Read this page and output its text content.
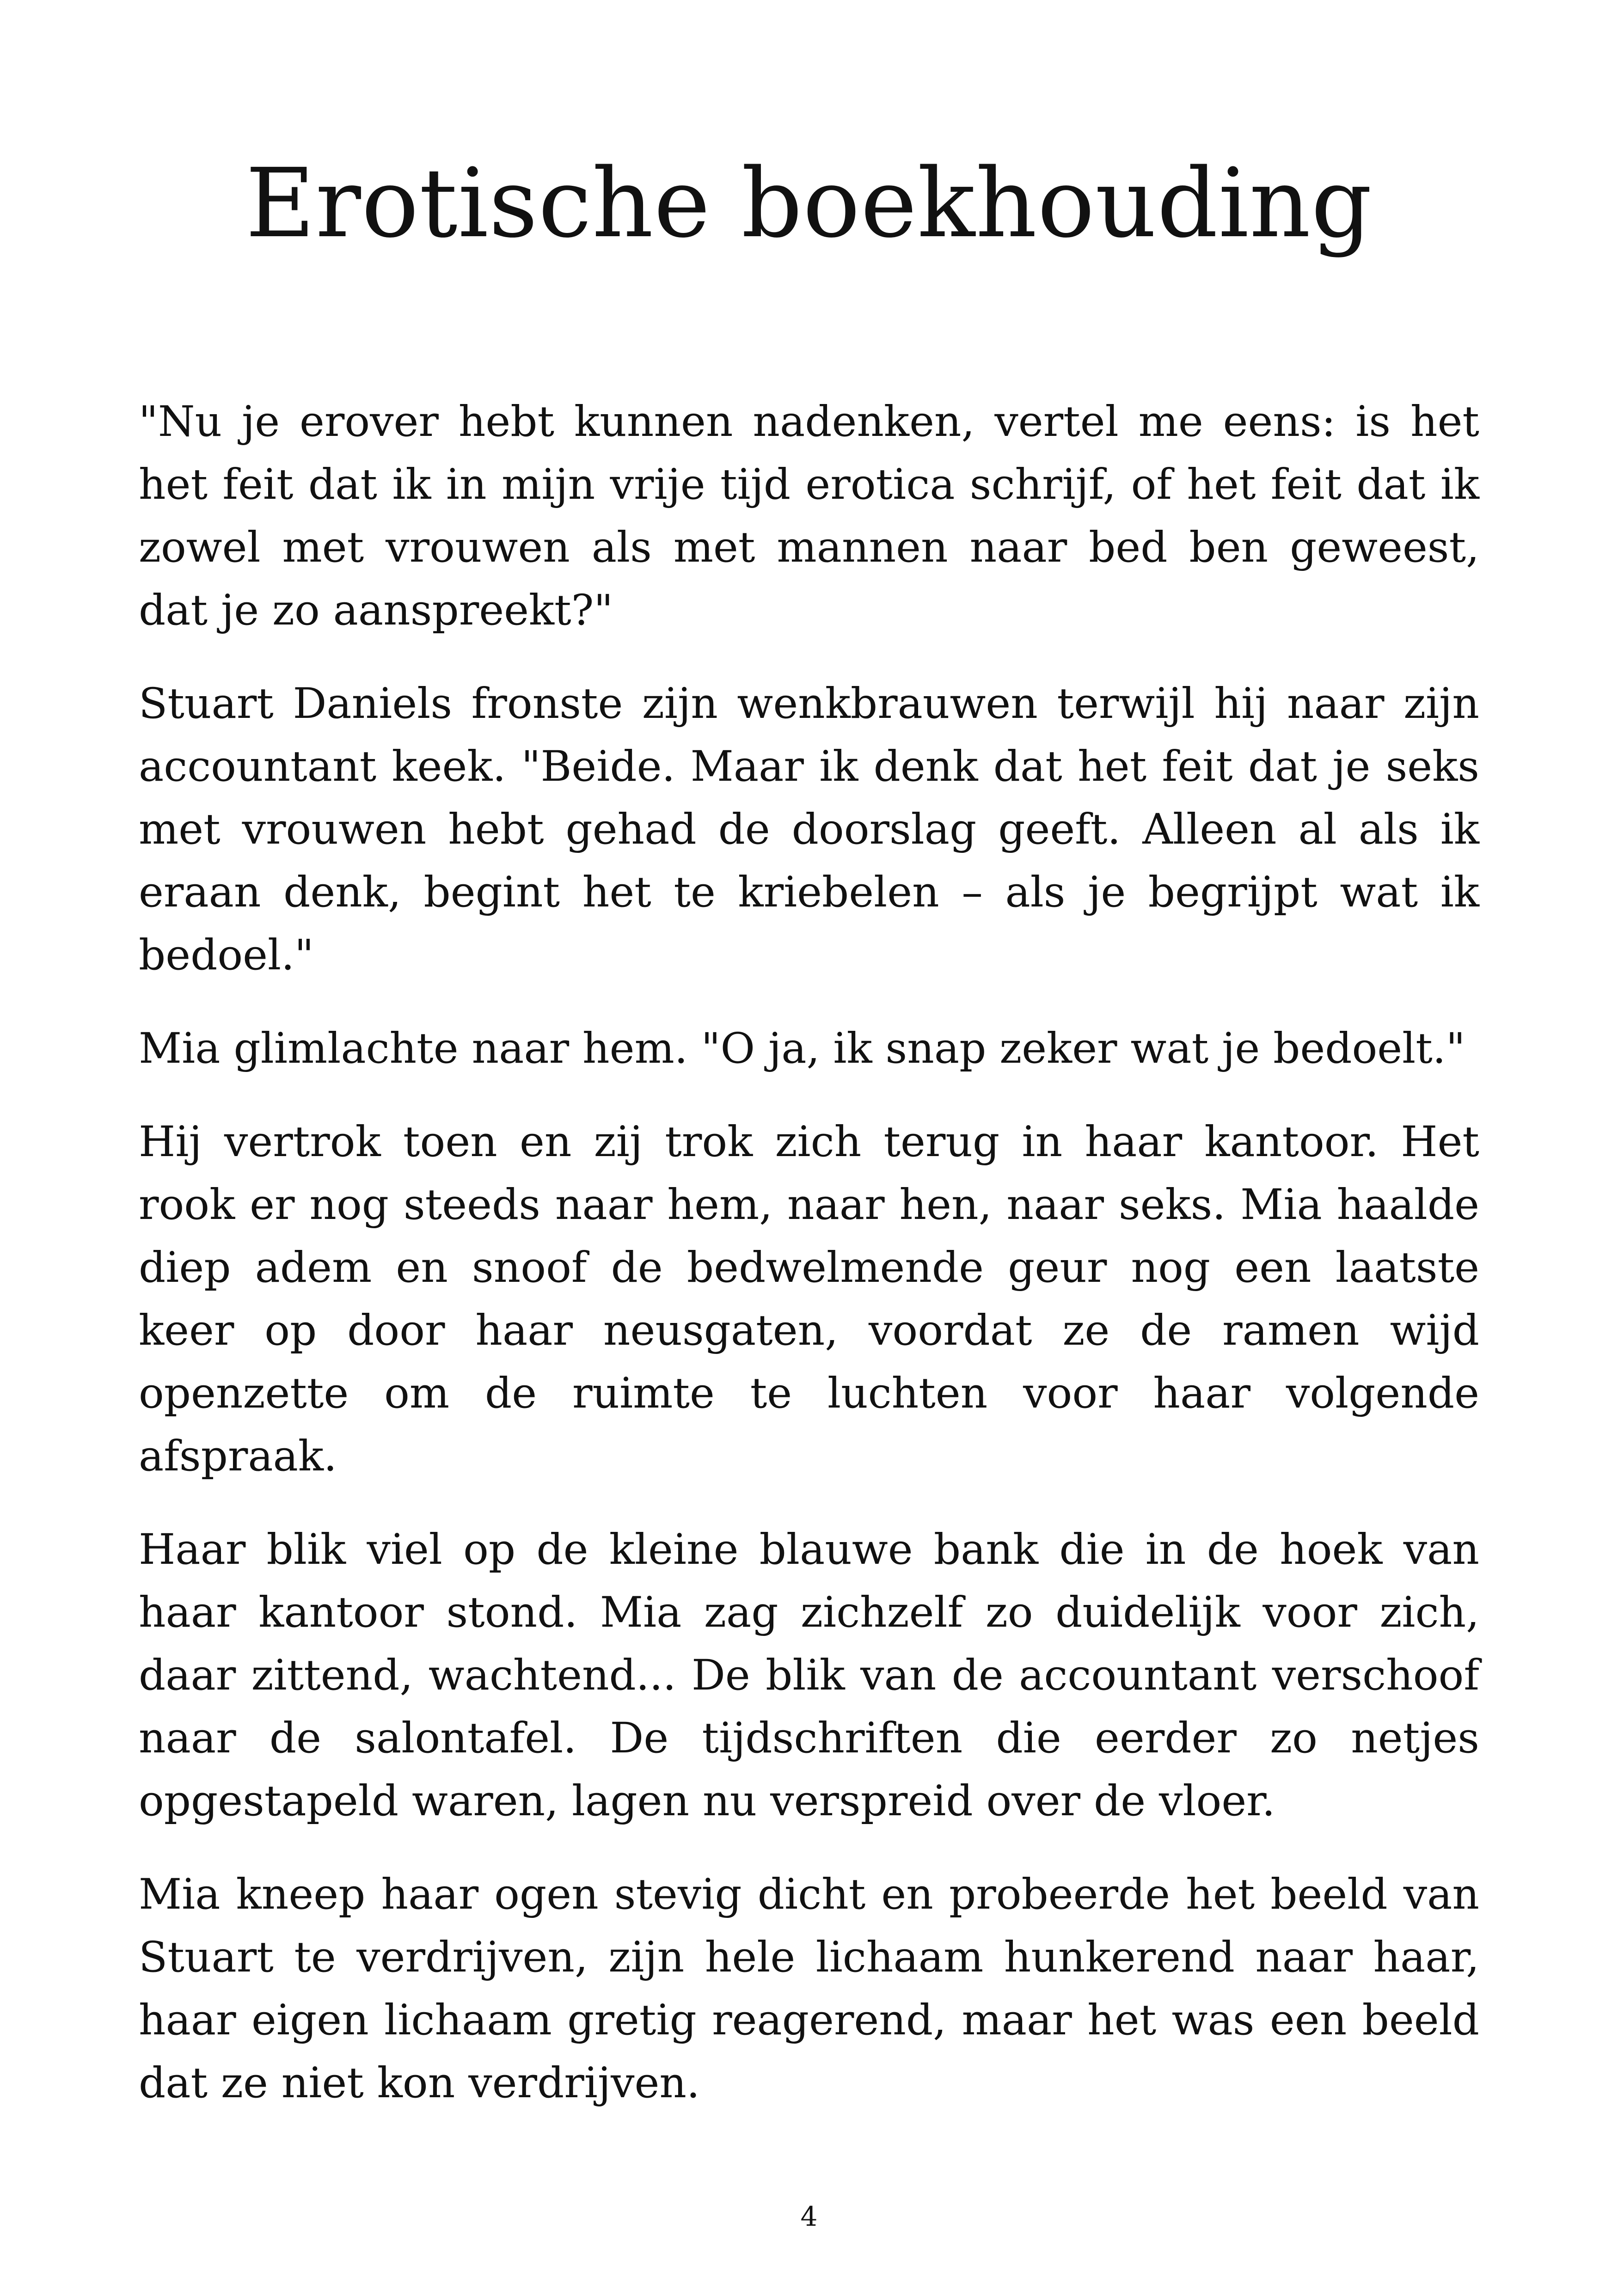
Erotische boekhouding

"Nu je erover hebt kunnen nadenken, vertel me eens: is het het feit dat ik in mijn vrije tijd erotica schrijf, of het feit dat ik zowel met vrouwen als met mannen naar bed ben geweest, dat je zo aanspreekt?"

Stuart Daniels fronste zijn wenkbrauwen terwijl hij naar zijn accountant keek. "Beide. Maar ik denk dat het feit dat je seks met vrouwen hebt gehad de doorslag geeft. Alleen al als ik eraan denk, begint het te kriebelen – als je begrijpt wat ik bedoel."

Mia glimlachte naar hem. "O ja, ik snap zeker wat je bedoelt."

Hij vertrok toen en zij trok zich terug in haar kantoor. Het rook er nog steeds naar hem, naar hen, naar seks. Mia haalde diep adem en snoof de bedwelmende geur nog een laatste keer op door haar neusgaten, voordat ze de ramen wijd openzette om de ruimte te luchten voor haar volgende afspraak.

Haar blik viel op de kleine blauwe bank die in de hoek van haar kantoor stond. Mia zag zichzelf zo duidelijk voor zich, daar zittend, wachtend... De blik van de accountant verschoof naar de salontafel. De tijdschriften die eerder zo netjes opgestapeld waren, lagen nu verspreid over de vloer.

Mia kneep haar ogen stevig dicht en probeerde het beeld van Stuart te verdrijven, zijn hele lichaam hunkerend naar haar, haar eigen lichaam gretig reagerend, maar het was een beeld dat ze niet kon verdrijven.

4
